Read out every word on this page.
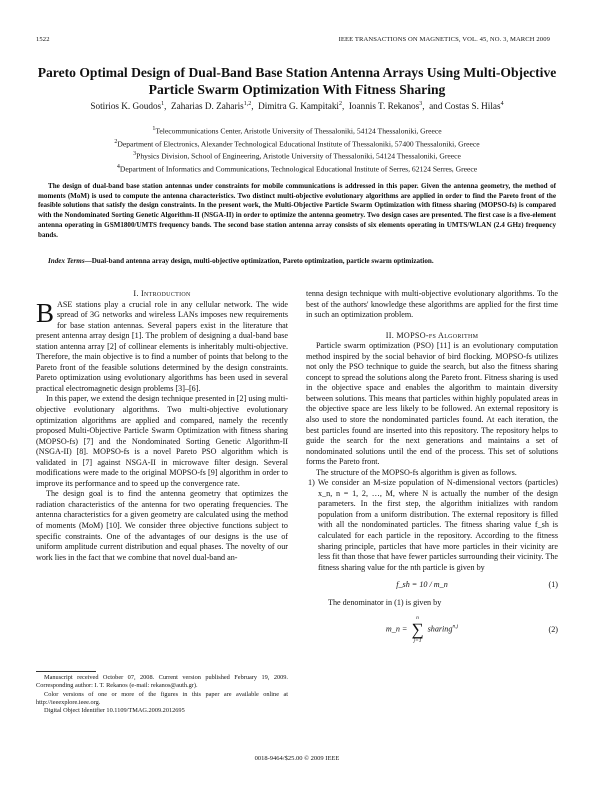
1522	IEEE TRANSACTIONS ON MAGNETICS, VOL. 45, NO. 3, MARCH 2009
Pareto Optimal Design of Dual-Band Base Station Antenna Arrays Using Multi-Objective Particle Swarm Optimization With Fitness Sharing
Sotirios K. Goudos$^1$,  Zaharias D. Zaharis$^{1,2}$,  Dimitra G. Kampitaki$^2$,  Ioannis T. Rekanos$^3$,  and Costas S. Hilas$^4$
$^1$Telecommunications Center, Aristotle University of Thessaloniki, 54124 Thessaloniki, Greece
$^2$Department of Electronics, Alexander Technological Educational Institute of Thessaloniki, 57400 Thessaloniki, Greece
$^3$Physics Division, School of Engineering, Aristotle University of Thessaloniki, 54124 Thessaloniki, Greece
$^4$Department of Informatics and Communications, Technological Educational Institute of Serres, 62124 Serres, Greece

The design of dual-band base station antennas under constraints for mobile communications is addressed in this paper. Given the antenna geometry, the method of moments (MoM) is used to compute the antenna characteristics. Two distinct multi-objective evolutionary algorithms are applied in order to find the Pareto front of the feasible solutions that satisfy the design constraints. In the present work, the Multi-Objective Particle Swarm Optimization with fitness sharing (MOPSO-fs) is compared with the Nondominated Sorting Genetic Algorithm-II (NSGA-II) in order to optimize the antenna geometry. Two design cases are presented. The first case is a five-element antenna operating in GSM1800/UMTS frequency bands. The second base station antenna array consists of six elements operating in UMTS/WLAN (2.4 GHz) frequency bands.

Index Terms—Dual-band antenna array design, multi-objective optimization, Pareto optimization, particle swarm optimization.

I. Introduction

BASE stations play a crucial role in any cellular network. The wide spread of 3G networks and wireless LANs imposes new requirements for base station antennas. Several papers exist in the literature that present antenna array design [1]. The problem of designing a dual-band base station antenna array [2] of collinear elements is inheritably multi-objective. Therefore, the main objective is to find a number of points that belong to the Pareto front of the feasible solutions determined by the design constraints. Pareto optimization using evolutionary algorithms has been used in several practical electromagnetic design problems [3]–[6].

In this paper, we extend the design technique presented in [2] using multi-objective evolutionary algorithms. Two multi-objective evolutionary optimization algorithms are applied and compared, namely the recently proposed Multi-Objective Particle Swarm Optimization with fitness sharing (MOPSO-fs) [7] and the Nondominated Sorting Genetic Algorithm-II (NSGA-II) [8]. MOPSO-fs is a novel Pareto PSO algorithm which is validated in [7] against NSGA-II in microwave filter design. Several modifications were made to the original MOPSO-fs [9] algorithm in order to improve its performance and to speed up the convergence rate.

The design goal is to find the antenna geometry that optimizes the radiation characteristics of the antenna for two operating frequencies. The antenna characteristics for a given geometry are calculated using the method of moments (MoM) [10]. We consider three objective functions subject to specific constraints. One of the advantages of our designs is the use of uniform amplitude current distribution and equal phases. The novelty of our work lies in the fact that we combine that novel dual-band an-

tenna design technique with multi-objective evolutionary algorithms. To the best of the authors' knowledge these algorithms are applied for the first time in such an optimization problem.

II. MOPSO-fs Algorithm

Particle swarm optimization (PSO) [11] is an evolutionary computation method inspired by the social behavior of bird flocking. MOPSO-fs utilizes not only the PSO technique to guide the search, but also the fitness sharing concept to spread the solutions along the Pareto front. Fitness sharing is used in the objective space and enables the algorithm to maintain diversity between solutions. This means that particles within highly populated areas in the objective space are less likely to be followed. An external repository is also used to store the nondominated particles found. At each iteration, the best particles found are inserted into this repository. The repository helps to guide the search for the next generations and maintains a set of nondominated solutions until the end of the process. This set of solutions forms the Pareto front.

The structure of the MOPSO-fs algorithm is given as follows.

1) We consider an M-size population of N-dimensional vectors (particles) x_n, n = 1, 2, …, M, where N is actually the number of the design parameters. In the first step, the algorithm initializes with random population from a uniform distribution. The external repository is filled with all the nondominated particles. The fitness sharing value f_sh is calculated for each particle in the repository. According to the fitness sharing principle, particles that have more particles in their vicinity are less fit than those that have fewer particles surrounding their vicinity. The fitness sharing value for the nth particle is given by

f_sh = 10 / m_n	(1)

The denominator in (1) is given by

m_n =
n
∑
j=1
sharing$^{n,j}$	(2)

Manuscript received October 07, 2008. Current version published February 19, 2009. Corresponding author: I. T. Rekanos (e-mail: rekanos@auth.gr).

Color versions of one or more of the figures in this paper are available online at http://ieeexplore.ieee.org.

Digital Object Identifier 10.1109/TMAG.2009.2012695

0018-9464/$25.00 © 2009 IEEE
